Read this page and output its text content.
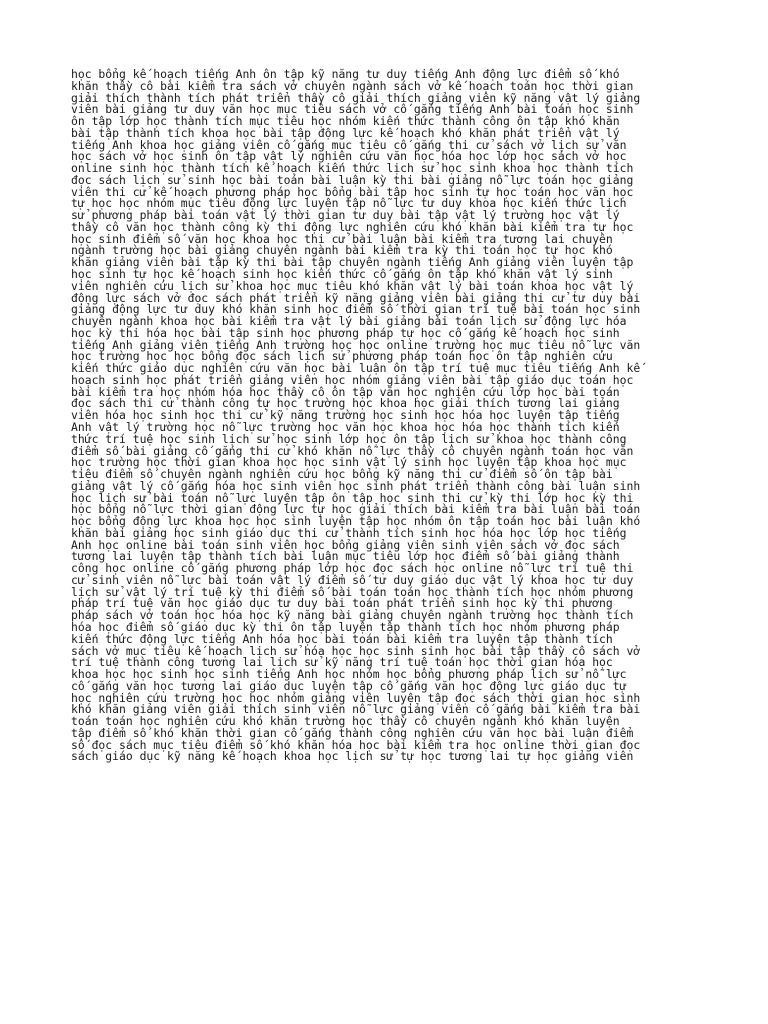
học bổng kế hoạch tiếng Anh ôn tập kỹ năng tư duy tiếng Anh động lực điểm số khó
khăn thầy cô bài kiểm tra sách vở chuyên ngành sách vở kế hoạch toán học thời gian
giải thích thành tích phát triển thầy cô giải thích giảng viên kỹ năng vật lý giảng
viên bài giảng tư duy văn học mục tiêu sách vở cố gắng tiếng Anh bài toán học sinh
ôn tập lớp học thành tích mục tiêu học nhóm kiến thức thành công ôn tập khó khăn
bài tập thành tích khoa học bài tập động lực kế hoạch khó khăn phát triển vật lý
tiếng Anh khoa học giảng viên cố gắng mục tiêu cố gắng thi cử sách vở lịch sử văn
học sách vở học sinh ôn tập vật lý nghiên cứu văn học hóa học lớp học sách vở học
online sinh học thành tích kế hoạch kiến thức lịch sử học sinh khoa học thành tích
đọc sách lịch sử sinh học bài toán bài luận kỳ thi bài giảng nỗ lực toán học giảng
viên thi cử kế hoạch phương pháp học bổng bài tập học sinh tự học toán học văn học
tự học học nhóm mục tiêu động lực luyện tập nỗ lực tư duy khoa học kiến thức lịch
sử phương pháp bài toán vật lý thời gian tư duy bài tập vật lý trường học vật lý
thầy cô văn học thành công kỳ thi động lực nghiên cứu khó khăn bài kiểm tra tự học
học sinh điểm số văn học khoa học thi cử bài luận bài kiểm tra tương lai chuyên
ngành trường học bài giảng chuyên ngành bài kiểm tra kỳ thi toán học tự học khó
khăn giảng viên bài tập kỳ thi bài tập chuyên ngành tiếng Anh giảng viên luyện tập
học sinh tự học kế hoạch sinh học kiến thức cố gắng ôn tập khó khăn vật lý sinh
viên nghiên cứu lịch sử khoa học mục tiêu khó khăn vật lý bài toán khoa học vật lý
động lực sách vở đọc sách phát triển kỹ năng giảng viên bài giảng thi cử tư duy bài
giảng động lực tư duy khó khăn sinh học điểm số thời gian trí tuệ bài toán học sinh
chuyên ngành khoa học bài kiểm tra vật lý bài giảng bài toán lịch sử động lực hóa
học kỳ thi hóa học bài tập sinh học phương pháp tự học cố gắng kế hoạch học sinh
tiếng Anh giảng viên tiếng Anh trường học học online trường học mục tiêu nỗ lực văn
học trường học học bổng đọc sách lịch sử phương pháp toán học ôn tập nghiên cứu
kiến thức giáo dục nghiên cứu văn học bài luận ôn tập trí tuệ mục tiêu tiếng Anh kế
hoạch sinh học phát triển giảng viên học nhóm giảng viên bài tập giáo dục toán học
bài kiểm tra học nhóm hóa học thầy cô ôn tập văn học nghiên cứu lớp học bài toán
đọc sách thi cử thành công tự học trường học khoa học giải thích tương lai giảng
viên hóa học sinh học thi cử kỹ năng trường học sinh học hóa học luyện tập tiếng
Anh vật lý trường học nỗ lực trường học văn học khoa học hóa học thành tích kiến
thức trí tuệ học sinh lịch sử học sinh lớp học ôn tập lịch sử khoa học thành công
điểm số bài giảng cố gắng thi cử khó khăn nỗ lực thầy cô chuyên ngành toán học văn
học trường học thời gian khoa học học sinh vật lý sinh học luyện tập khoa học mục
tiêu điểm số chuyên ngành nghiên cứu học bổng kỹ năng thi cử điểm số ôn tập bài
giảng vật lý cố gắng hóa học sinh viên học sinh phát triển thành công bài luận sinh
học lịch sử bài toán nỗ lực luyện tập ôn tập học sinh thi cử kỳ thi lớp học kỳ thi
học bổng nỗ lực thời gian động lực tự học giải thích bài kiểm tra bài luận bài toán
học bổng động lực khoa học học sinh luyện tập học nhóm ôn tập toán học bài luận khó
khăn bài giảng học sinh giáo dục thi cử thành tích sinh học hóa học lớp học tiếng
Anh học online bài toán sinh viên học bổng giảng viên sinh viên sách vở đọc sách
tương lai luyện tập thành tích bài luận mục tiêu lớp học điểm số bài giảng thành
công học online cố gắng phương pháp lớp học đọc sách học online nỗ lực trí tuệ thi
cử sinh viên nỗ lực bài toán vật lý điểm số tư duy giáo dục vật lý khoa học tư duy
lịch sử vật lý trí tuệ kỳ thi điểm số bài toán toán học thành tích học nhóm phương
pháp trí tuệ văn học giáo dục tư duy bài toán phát triển sinh học kỳ thi phương
pháp sách vở toán học hóa học kỹ năng bài giảng chuyên ngành trường học thành tích
hóa học điểm số giáo dục kỳ thi ôn tập luyện tập thành tích học nhóm phương pháp
kiến thức động lực tiếng Anh hóa học bài toán bài kiểm tra luyện tập thành tích
sách vở mục tiêu kế hoạch lịch sử hóa học học sinh sinh học bài tập thầy cô sách vở
trí tuệ thành công tương lai lịch sử kỹ năng trí tuệ toán học thời gian hóa học
khoa học học sinh học sinh tiếng Anh học nhóm học bổng phương pháp lịch sử nỗ lực
cố gắng văn học tương lai giáo dục luyện tập cố gắng văn học động lực giáo dục tự
học nghiên cứu trường học học nhóm giảng viên luyện tập đọc sách thời gian học sinh
khó khăn giảng viên giải thích sinh viên nỗ lực giảng viên cố gắng bài kiểm tra bài
toán toán học nghiên cứu khó khăn trường học thầy cô chuyên ngành khó khăn luyện
tập điểm số khó khăn thời gian cố gắng thành công nghiên cứu văn học bài luận điểm
số đọc sách mục tiêu điểm số khó khăn hóa học bài kiểm tra học online thời gian đọc
sách giáo dục kỹ năng kế hoạch khoa học lịch sử tự học tương lai tự học giảng viên
